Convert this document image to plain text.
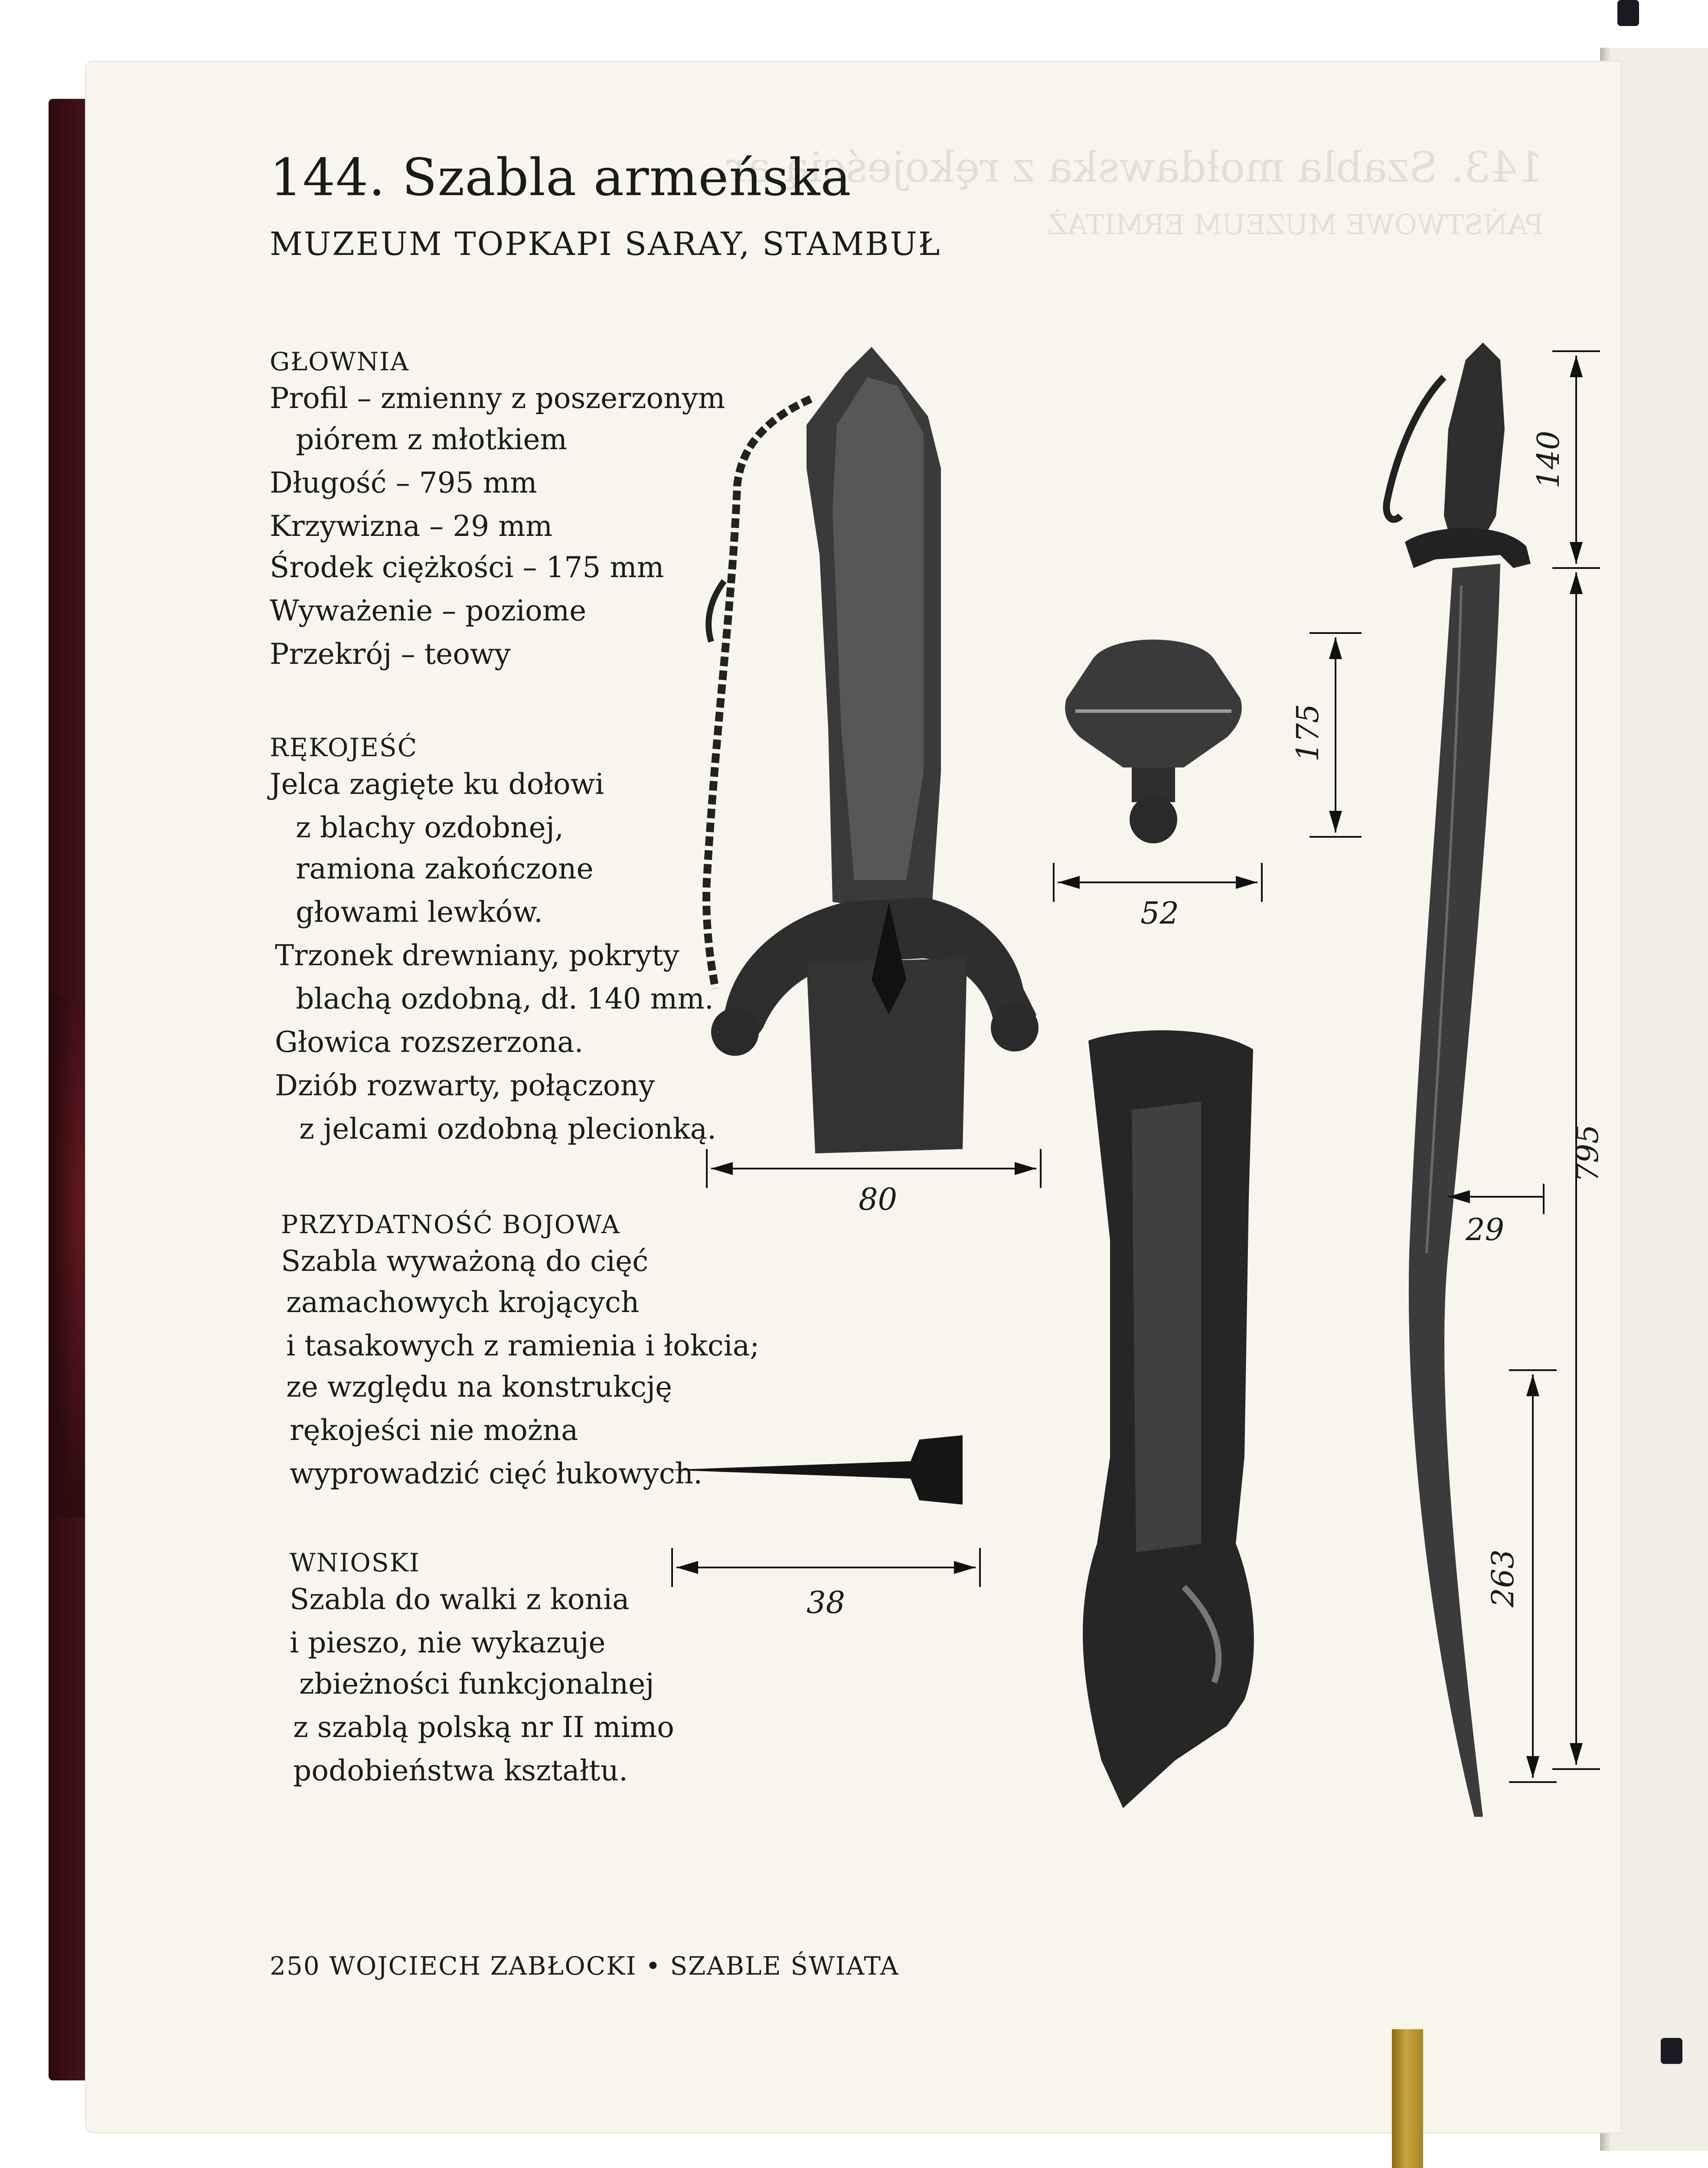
143. Szabla mołdawska z rękojeścią ar
PAŃSTWOWE MUZEUM ERMITAŻ
144. Szabla armeńska
MUZEUM TOPKAPI SARAY, STAMBUŁ
GŁOWNIA
Profil – zmienny z poszerzonym
piórem z młotkiem
Długość – 795 mm
Krzywizna – 29 mm
Środek ciężkości – 175 mm
Wyważenie – poziome
Przekrój – teowy
RĘKOJEŚĆ
Jelca zagięte ku dołowi
z blachy ozdobnej,
ramiona zakończone
głowami lewków.
Trzonek drewniany, pokryty
blachą ozdobną, dł. 140 mm.
Głowica rozszerzona.
Dziób rozwarty, połączony
z jelcami ozdobną plecionką.
PRZYDATNOŚĆ BOJOWA
Szabla wyważoną do cięć
zamachowych krojących
i tasakowych z ramienia i łokcia;
ze względu na konstrukcję
rękojeści nie można
wyprowadzić cięć łukowych.
WNIOSKI
Szabla do walki z konia
i pieszo, nie wykazuje
zbieżności funkcjonalnej
z szablą polską nr II mimo
podobieństwa kształtu.
80
52
175
38
140
795
29
263
250 WOJCIECH ZABŁOCKI • SZABLE ŚWIATA
